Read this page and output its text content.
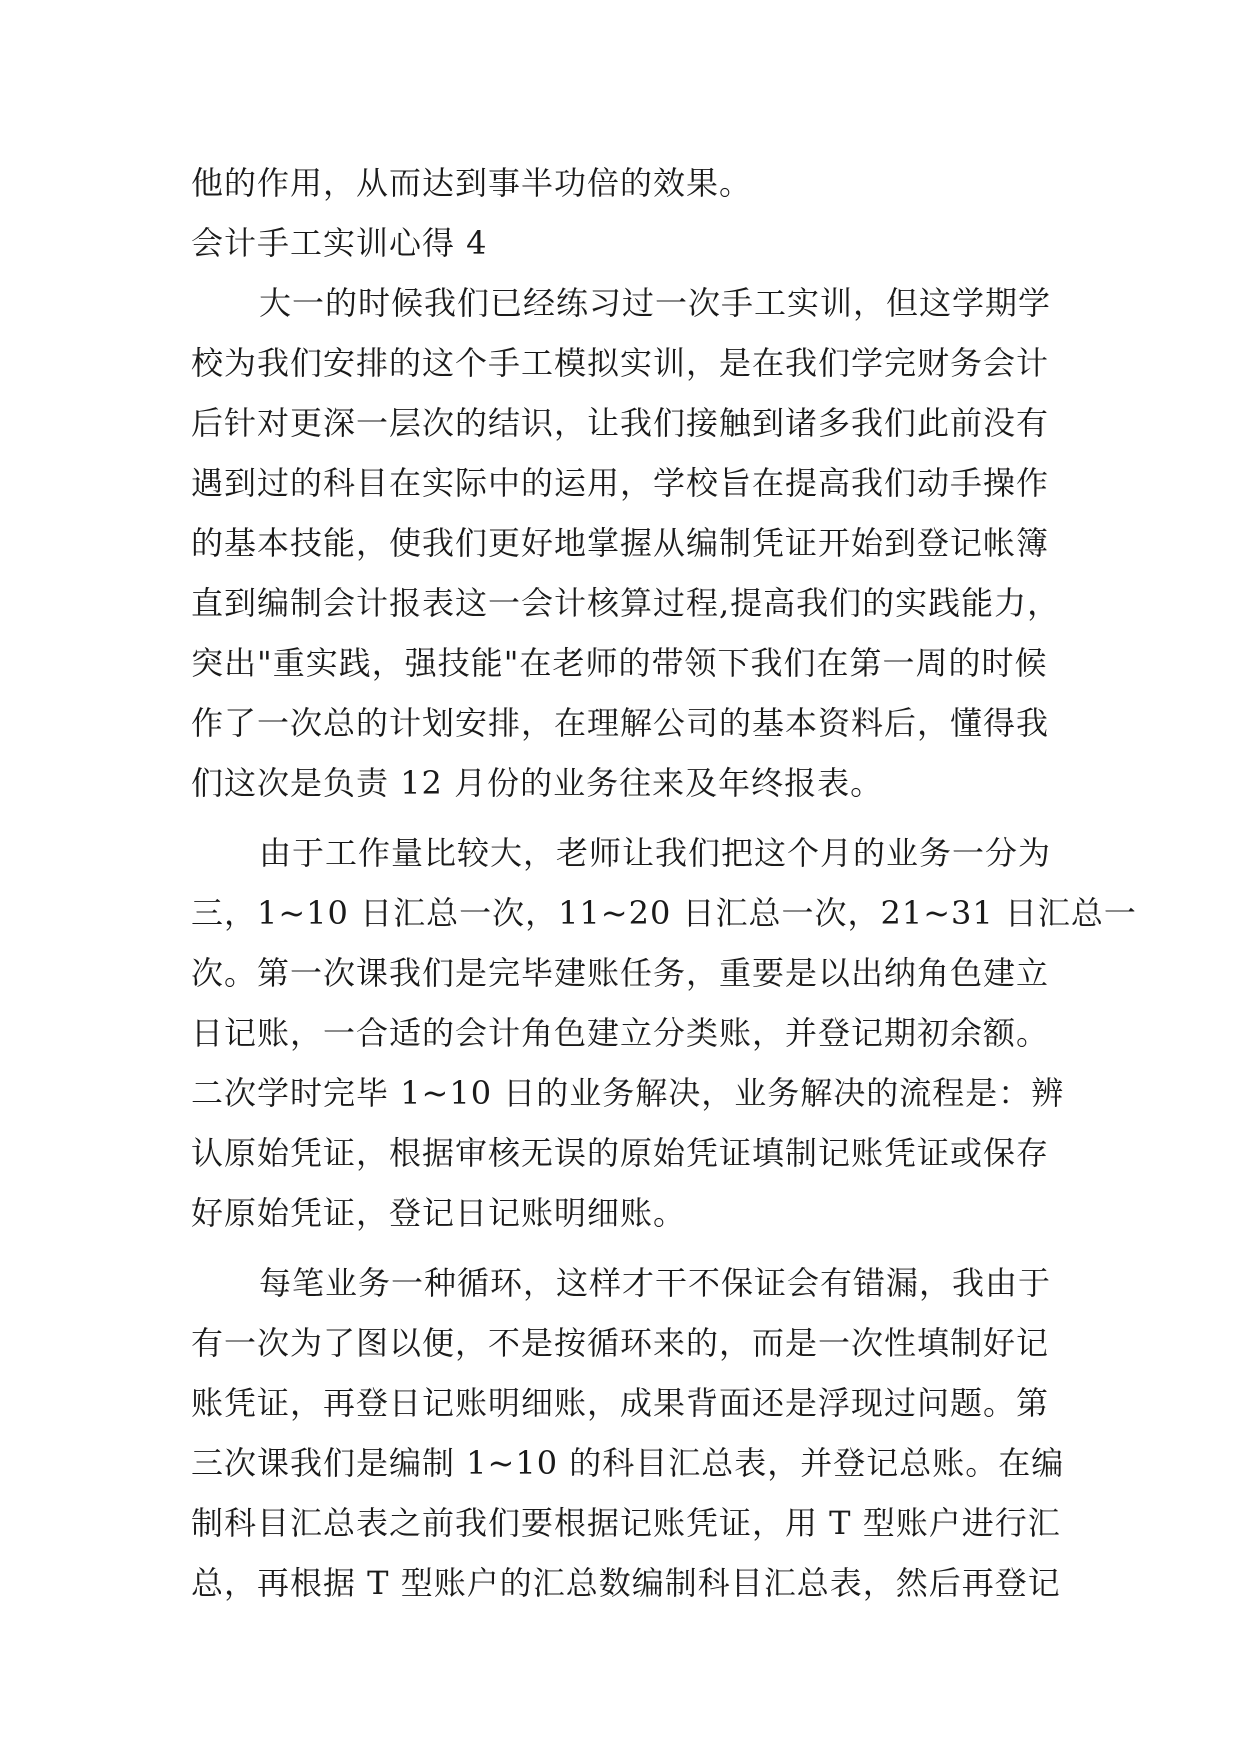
他的作用，从而达到事半功倍的效果。
会计手工实训心得 4
大一的时候我们已经练习过一次手工实训，但这学期学
校为我们安排的这个手工模拟实训，是在我们学完财务会计
后针对更深一层次的结识，让我们接触到诸多我们此前没有
遇到过的科目在实际中的运用，学校旨在提高我们动手操作
的基本技能，使我们更好地掌握从编制凭证开始到登记帐簿
直到编制会计报表这一会计核算过程,提高我们的实践能力，
突出"重实践，强技能"在老师的带领下我们在第一周的时候
作了一次总的计划安排，在理解公司的基本资料后，懂得我
们这次是负责 12 月份的业务往来及年终报表。
由于工作量比较大，老师让我们把这个月的业务一分为
三，1~10 日汇总一次，11~20 日汇总一次，21~31 日汇总一
次。第一次课我们是完毕建账任务，重要是以出纳角色建立
日记账，一合适的会计角色建立分类账，并登记期初余额。
二次学时完毕 1~10 日的业务解决，业务解决的流程是：辨
认原始凭证，根据审核无误的原始凭证填制记账凭证或保存
好原始凭证，登记日记账明细账。
每笔业务一种循环，这样才干不保证会有错漏，我由于
有一次为了图以便，不是按循环来的，而是一次性填制好记
账凭证，再登日记账明细账，成果背面还是浮现过问题。第
三次课我们是编制 1~10 的科目汇总表，并登记总账。在编
制科目汇总表之前我们要根据记账凭证，用 T 型账户进行汇
总，再根据 T 型账户的汇总数编制科目汇总表，然后再登记
